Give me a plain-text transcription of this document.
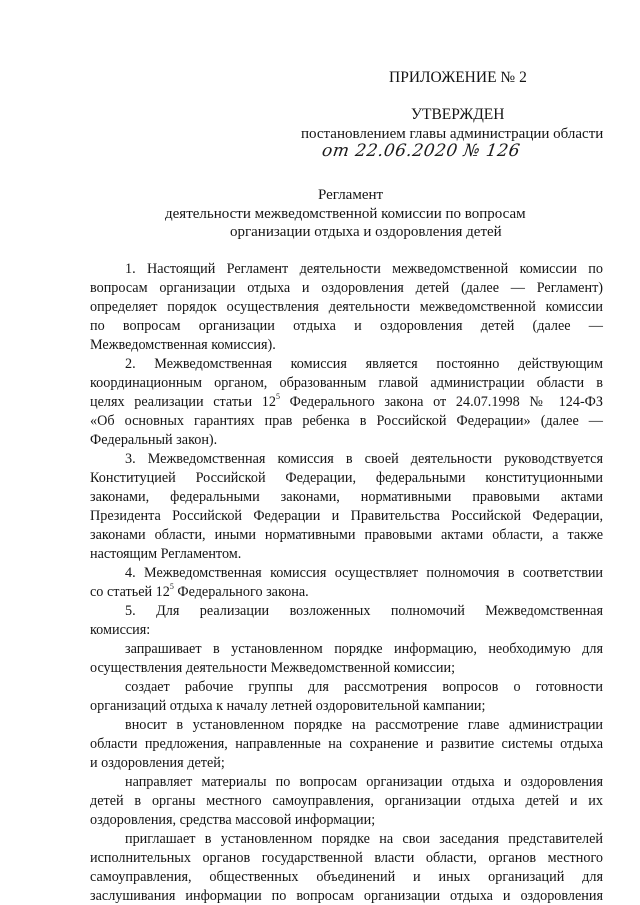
ПРИЛОЖЕНИЕ № 2
УТВЕРЖДЕН
постановлением главы администрации области
от 22.06.2020 № 126
Регламент
деятельности межведомственной комиссии по вопросам
организации отдыха и оздоровления детей
1. Настоящий Регламент деятельности межведомственной комиссии по
вопросам организации отдыха и оздоровления детей (далее — Регламент)
определяет порядок осуществления деятельности межведомственной комиссии
по вопросам организации отдыха и оздоровления детей (далее —
Межведомственная комиссия).
2. Межведомственная комиссия является постоянно действующим
координационным органом, образованным главой администрации области в
целях реализации статьи $12^5$ Федерального закона от 24.07.1998 № 124-ФЗ
«Об основных гарантиях прав ребенка в Российской Федерации» (далее —
Федеральный закон).
3. Межведомственная комиссия в своей деятельности руководствуется
Конституцией Российской Федерации, федеральными конституционными
законами, федеральными законами, нормативными правовыми актами
Президента Российской Федерации и Правительства Российской Федерации,
законами области, иными нормативными правовыми актами области, а также
настоящим Регламентом.
4. Межведомственная комиссия осуществляет полномочия в соответствии
со статьей $12^5$ Федерального закона.
5. Для реализации возложенных полномочий Межведомственная
комиссия:
запрашивает в установленном порядке информацию, необходимую для
осуществления деятельности Межведомственной комиссии;
создает рабочие группы для рассмотрения вопросов о готовности
организаций отдыха к началу летней оздоровительной кампании;
вносит в установленном порядке на рассмотрение главе администрации
области предложения, направленные на сохранение и развитие системы отдыха
и оздоровления детей;
направляет материалы по вопросам организации отдыха и оздоровления
детей в органы местного самоуправления, организации отдыха детей и их
оздоровления, средства массовой информации;
приглашает в установленном порядке на свои заседания представителей
исполнительных органов государственной власти области, органов местного
самоуправления, общественных объединений и иных организаций для
заслушивания информации по вопросам организации отдыха и оздоровления
